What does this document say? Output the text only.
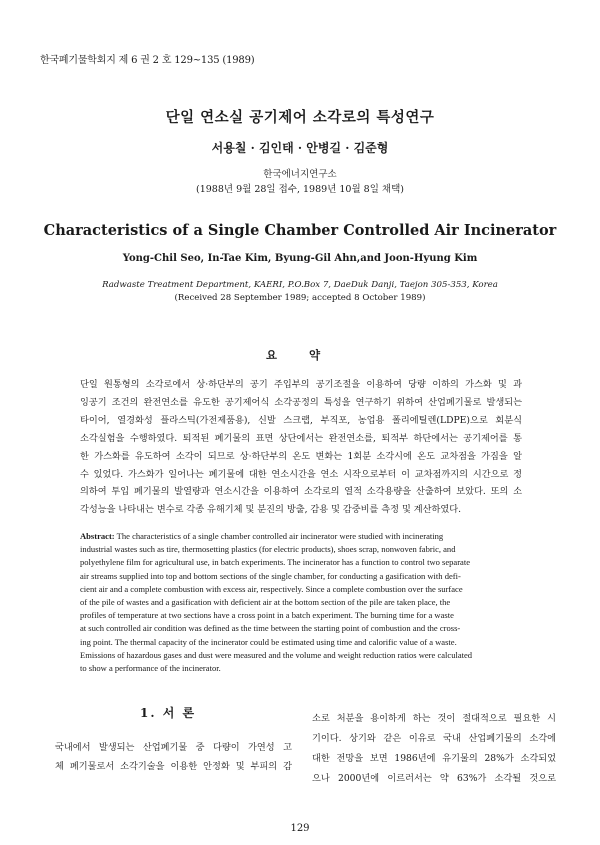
한국폐기물학회지 제 6 권 2 호 129~135 (1989)
단일 연소실 공기제어 소각로의 특성연구
서용칠 · 김인태 · 안병길 · 김준형
한국에너지연구소
(1988년 9월 28일 접수, 1989년 10월 8일 채택)
Characteristics of a Single Chamber Controlled Air Incinerator
Yong-Chil Seo, In-Tae Kim, Byung-Gil Ahn,and Joon-Hyung Kim
Radwaste Treatment Department, KAERI, P.O.Box 7, DaeDuk Danji, Taejon 305-353, Korea
(Received 28 September 1989; accepted 8 October 1989)
요 약
단일 원통형의 소각로에서 상·하단부의 공기 주입부의 공기조절을 이용하여 당량 이하의 가스화 및 과
잉공기 조건의 완전연소를 유도한 공기제어식 소각공정의 특성을 연구하기 위하여 산업폐기물로 발생되는
타이어, 열경화성 플라스틱(가전제품용), 신발 스크랩, 부직포, 농업용 폴리에틸렌(LDPE)으로 회분식
소각실험을 수행하였다. 퇴적된 폐기물의 표면 상단에서는 완전연소를, 퇴적부 하단에서는 공기제어를 통
한 가스화를 유도하여 소각이 되므로 상·하단부의 온도 변화는 1회분 소각시에 온도 교차점을 가짐을 알
수 있었다. 가스화가 일어나는 폐기물에 대한 연소시간을 연소 시작으로부터 이 교차점까지의 시간으로 정
의하여 투입 폐기물의 발열량과 연소시간을 이용하여 소각로의 열적 소각용량을 산출하여 보았다. 또의 소
각성능을 나타내는 변수로 각종 유해기체 및 분진의 방출, 감용 및 감중비를 측정 및 계산하였다.
Abstract: The characteristics of a single chamber controlled air incinerator were studied with incinerating
industrial wastes such as tire, thermosetting plastics (for electric products), shoes scrap, nonwoven fabric, and
polyethylene film for agricultural use, in batch experiments. The incinerator has a function to control two separate
air streams supplied into top and bottom sections of the single chamber, for conducting a gasification with defi-
cient air and a complete combustion with excess air, respectively. Since a complete combustion over the surface
of the pile of wastes and a gasification with deficient air at the bottom section of the pile are taken place, the
profiles of temperature at two sections have a cross point in a batch experiment. The burning time for a waste
at such controlled air condition was defined as the time between the starting point of combustion and the cross-
ing point. The thermal capacity of the incinerator could be estimated using time and calorific value of a waste.
Emissions of hazardous gases and dust were measured and the volume and weight reduction ratios were calculated
to show a performance of the incinerator.
1. 서 론
국내에서 발생되는 산업폐기물 중 다량이 가연성 고
체 폐기물로서 소각기술을 이용한 안정화 및 부피의 감
소로 처분을 용이하게 하는 것이 절대적으로 필요한 시
기이다. 상기와 같은 이유로 국내 산업폐기물의 소각에
대한 전망을 보면 1986년에 유기물의 28%가 소각되었
으나 2000년에 이르러서는 약 63%가 소각될 것으로
129
